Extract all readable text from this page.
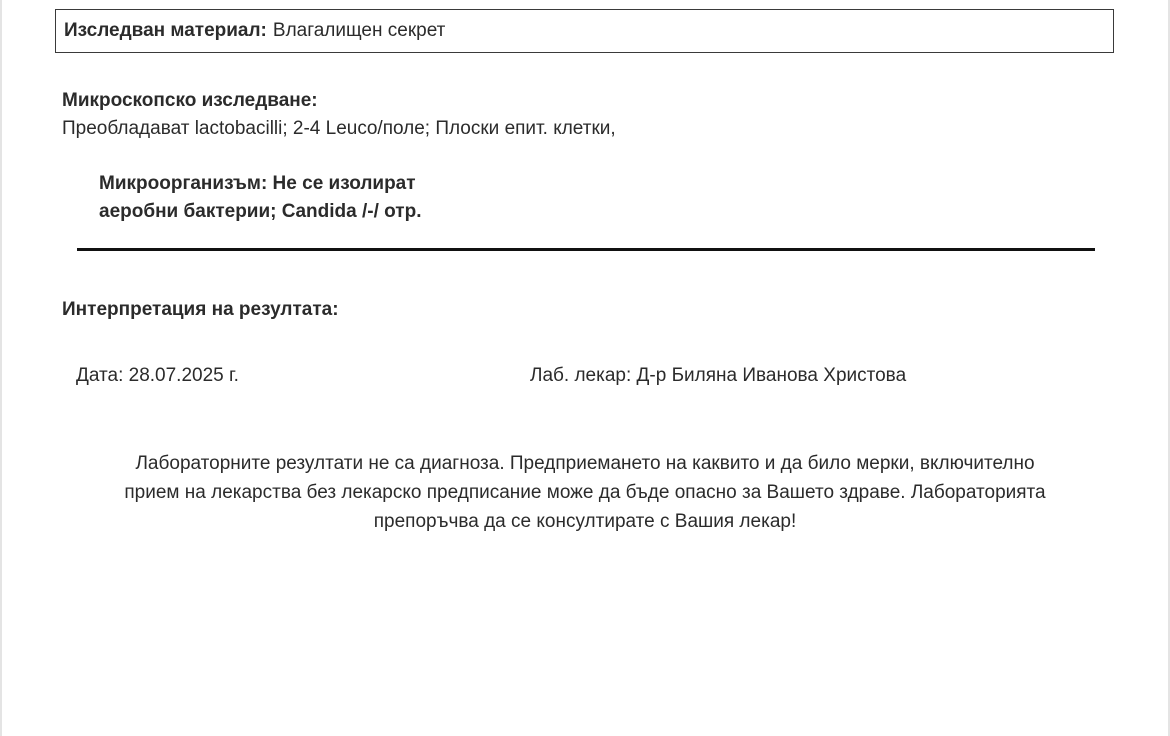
Изследван материал: Влагалищен секрет
Микроскопско изследване:
Преобладават lactobacilli; 2-4 Leuco/поле; Плоски епит. клетки,
Микроорганизъм: Не се изолират
аеробни бактерии; Candida /-/ отр.
Интерпретация на резултата:
Дата: 28.07.2025 г.	Лаб. лекар: Д-р Биляна Иванова Христова
Лабораторните резултати не са диагноза. Предприемането на каквито и да било мерки, включително
прием на лекарства без лекарско предписание може да бъде опасно за Вашето здраве. Лабораторията
препоръчва да се консултирате с Вашия лекар!
